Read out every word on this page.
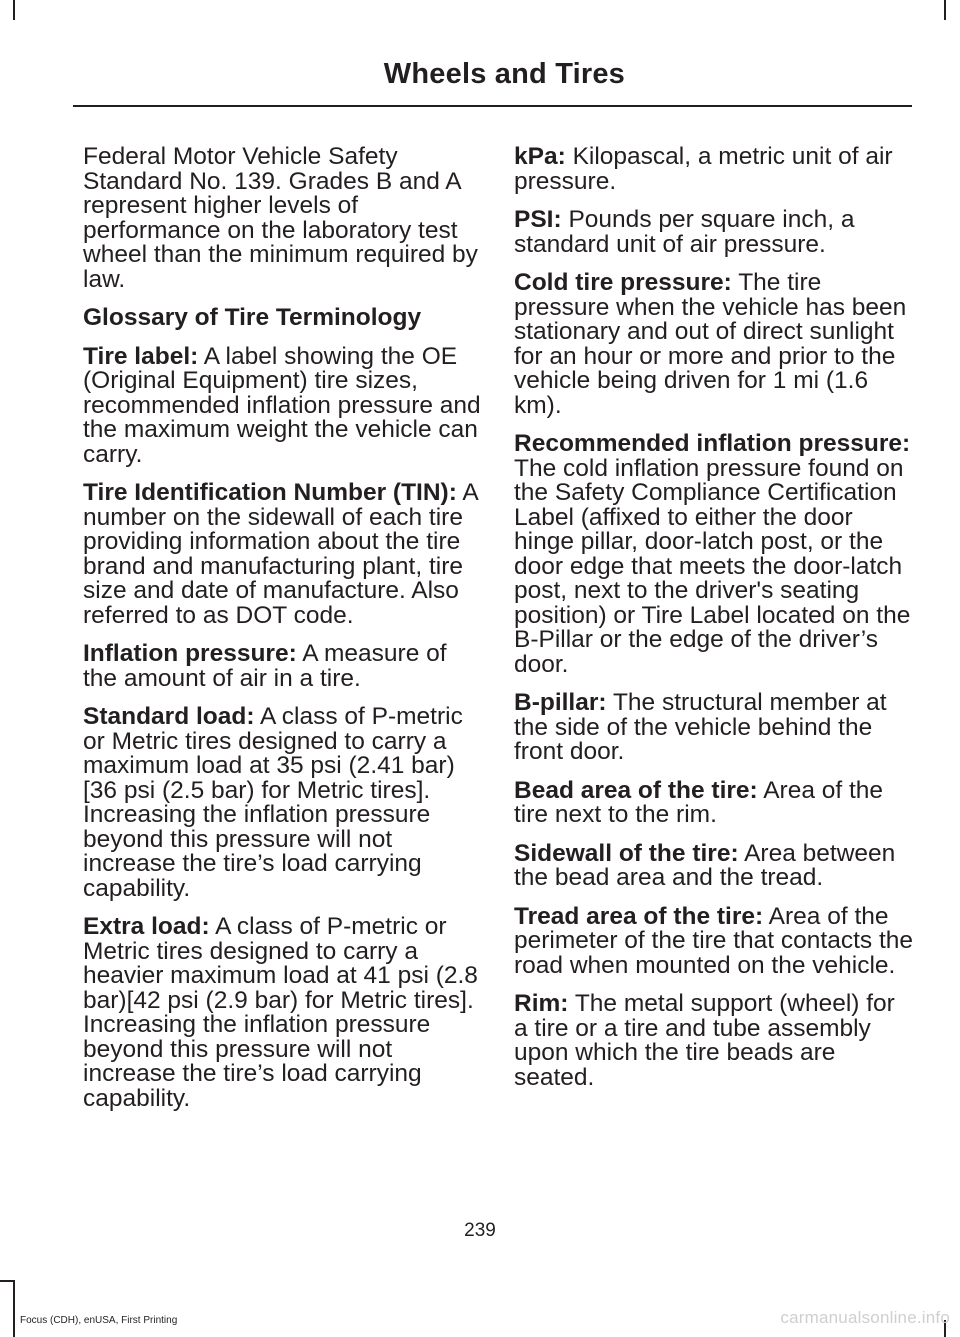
Wheels and Tires

Federal Motor Vehicle Safety Standard No. 139. Grades B and A represent higher levels of performance on the laboratory test wheel than the minimum required by law.

Glossary of Tire Terminology

Tire label: A label showing the OE (Original Equipment) tire sizes, recommended inflation pressure and the maximum weight the vehicle can carry.

Tire Identification Number (TIN): A number on the sidewall of each tire providing information about the tire brand and manufacturing plant, tire size and date of manufacture. Also referred to as DOT code.

Inflation pressure: A measure of the amount of air in a tire.

Standard load: A class of P-metric or Metric tires designed to carry a maximum load at 35 psi (2.41 bar)[36 psi (2.5 bar) for Metric tires]. Increasing the inflation pressure beyond this pressure will not increase the tire’s load carrying capability.

Extra load: A class of P-metric or Metric tires designed to carry a heavier maximum load at 41 psi (2.8 bar)[42 psi (2.9 bar) for Metric tires]. Increasing the inflation pressure beyond this pressure will not increase the tire’s load carrying capability.

kPa: Kilopascal, a metric unit of air pressure.

PSI: Pounds per square inch, a standard unit of air pressure.

Cold tire pressure: The tire pressure when the vehicle has been stationary and out of direct sunlight for an hour or more and prior to the vehicle being driven for 1 mi (1.6 km).

Recommended inflation pressure: The cold inflation pressure found on the Safety Compliance Certification Label (affixed to either the door hinge pillar, door-latch post, or the door edge that meets the door-latch post, next to the driver's seating position) or Tire Label located on the B-Pillar or the edge of the driver’s door.

B-pillar: The structural member at the side of the vehicle behind the front door.

Bead area of the tire: Area of the tire next to the rim.

Sidewall of the tire: Area between the bead area and the tread.

Tread area of the tire: Area of the perimeter of the tire that contacts the road when mounted on the vehicle.

Rim: The metal support (wheel) for a tire or a tire and tube assembly upon which the tire beads are seated.

239
Focus (CDH), enUSA, First Printing	carmanualsonline.info
